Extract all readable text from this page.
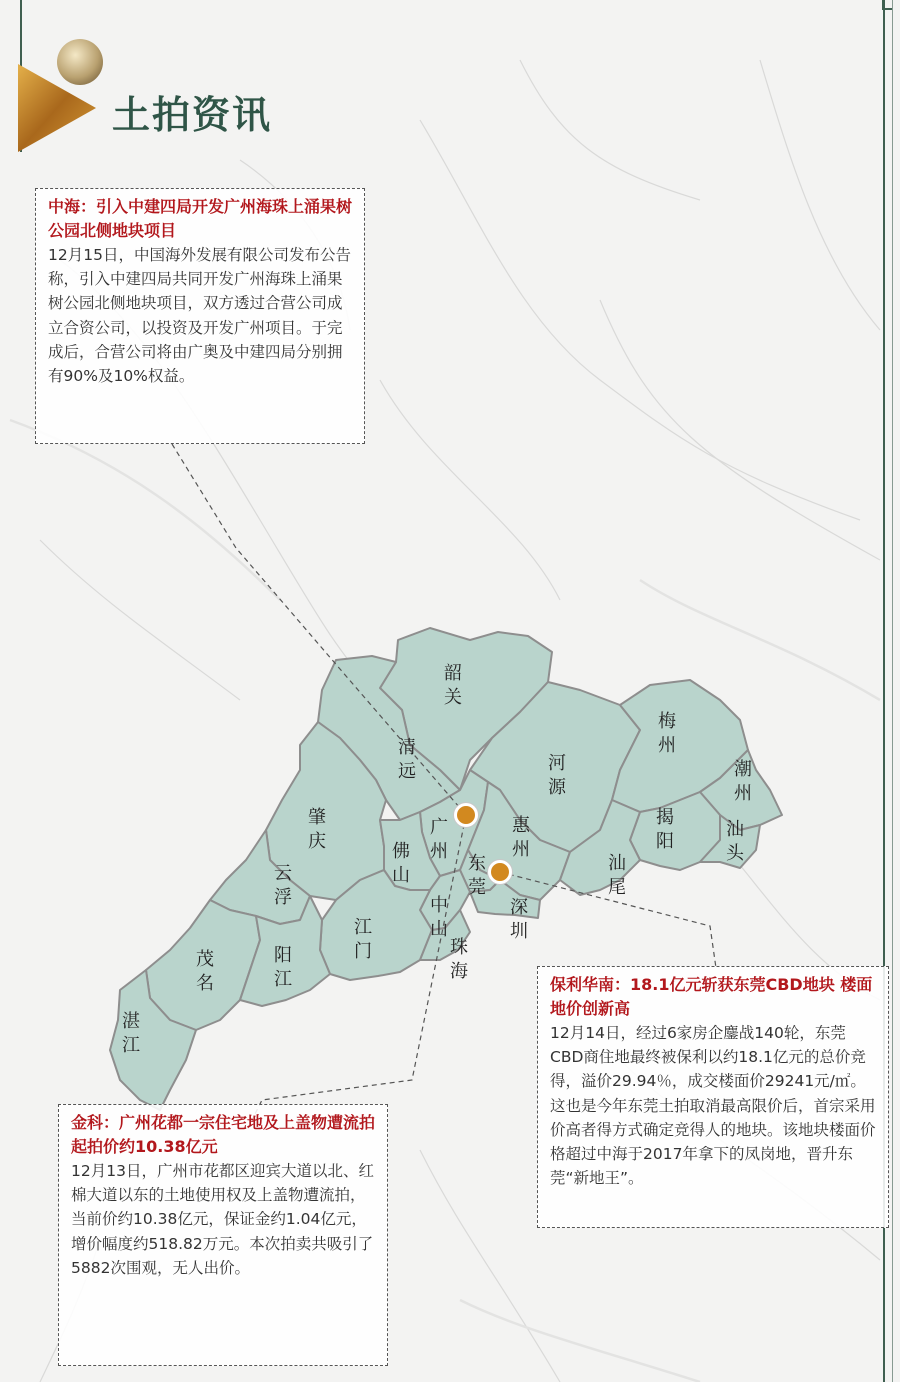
土拍资讯
韶关
清远	河源
梅州
潮州
肇庆
广州
惠州
揭阳
汕头
佛山
东莞
汕尾
云浮	中山
深圳
江门	珠海
茂名
阳江
湛江
中海：引入中建四局开发广州海珠上涌果树公园北侧地块项目

12月15日，中国海外发展有限公司发布公告称，引入中建四局共同开发广州海珠上涌果树公园北侧地块项目，双方透过合营公司成立合资公司，以投资及开发广州项目。于完成后，合营公司将由广奥及中建四局分别拥有90%及10%权益。

保利华南：18.1亿元斩获东莞CBD地块 楼面地价创新高

12月14日，经过6家房企鏖战140轮，东莞CBD商住地最终被保利以约18.1亿元的总价竞得，溢价29.94％，成交楼面价29241元/㎡。这也是今年东莞土拍取消最高限价后，首宗采用价高者得方式确定竞得人的地块。该地块楼面价格超过中海于2017年拿下的凤岗地，晋升东莞“新地王”。

金科：广州花都一宗住宅地及上盖物遭流拍 起拍价约10.38亿元

12月13日，广州市花都区迎宾大道以北、红棉大道以东的土地使用权及上盖物遭流拍，当前价约10.38亿元，保证金约1.04亿元，增价幅度约518.82万元。本次拍卖共吸引了5882次围观，无人出价。
